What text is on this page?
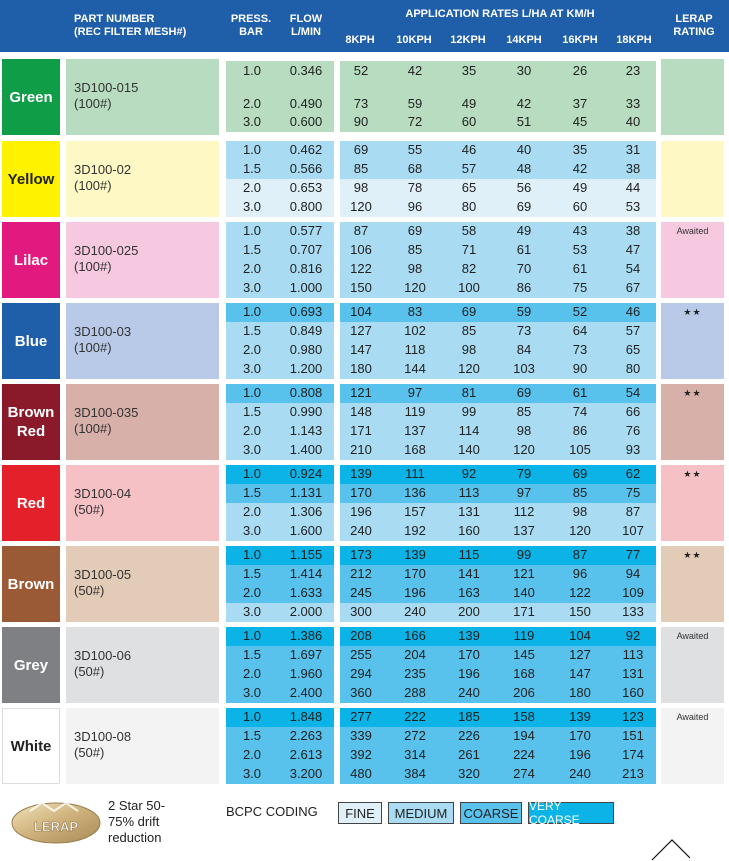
PART NUMBER
(REC FILTER MESH#)
PRESS.
BAR
FLOW
L/MIN
APPLICATION RATES L/HA AT KM/H
8KPH	10KPH	12KPH	14KPH	16KPH	18KPH
LERAP
RATING
Green
3D100-015
(100#)
1.0	0.346	52	42	35	30	26	23
2.0	0.490	73	59	49	42	37	33
3.0	0.600	90	72	60	51	45	40
Yellow
3D100-02
(100#)
1.0	0.462	69	55	46	40	35	31
1.5	0.566	85	68	57	48	42	38
2.0	0.653	98	78	65	56	49	44
3.0	0.800	120	96	80	69	60	53
Lilac
3D100-025
(100#)
Awaited
1.0	0.577	87	69	58	49	43	38
1.5	0.707	106	85	71	61	53	47
2.0	0.816	122	98	82	70	61	54
3.0	1.000	150	120	100	86	75	67
Blue
3D100-03
(100#)
★★
1.0	0.693	104	83	69	59	52	46
1.5	0.849	127	102	85	73	64	57
2.0	0.980	147	118	98	84	73	65
3.0	1.200	180	144	120	103	90	80
Brown
Red
3D100-035
(100#)
★★
1.0	0.808	121	97	81	69	61	54
1.5	0.990	148	119	99	85	74	66
2.0	1.143	171	137	114	98	86	76
3.0	1.400	210	168	140	120	105	93
Red
3D100-04
(50#)
★★
1.0	0.924	139	111	92	79	69	62
1.5	1.131	170	136	113	97	85	75
2.0	1.306	196	157	131	112	98	87
3.0	1.600	240	192	160	137	120	107
Brown
3D100-05
(50#)
★★
1.0	1.155	173	139	115	99	87	77
1.5	1.414	212	170	141	121	96	94
2.0	1.633	245	196	163	140	122	109
3.0	2.000	300	240	200	171	150	133
Grey
3D100-06
(50#)
Awaited
1.0	1.386	208	166	139	119	104	92
1.5	1.697	255	204	170	145	127	113
2.0	1.960	294	235	196	168	147	131
3.0	2.400	360	288	240	206	180	160
White
3D100-08
(50#)
Awaited
1.0	1.848	277	222	185	158	139	123
1.5	2.263	339	272	226	194	170	151
2.0	2.613	392	314	261	224	196	174
3.0	3.200	480	384	320	274	240	213
LERAP
2 Star 50-
75% drift
reduction
BCPC CODING	FINE	MEDIUM	COARSE VERY COARSE
